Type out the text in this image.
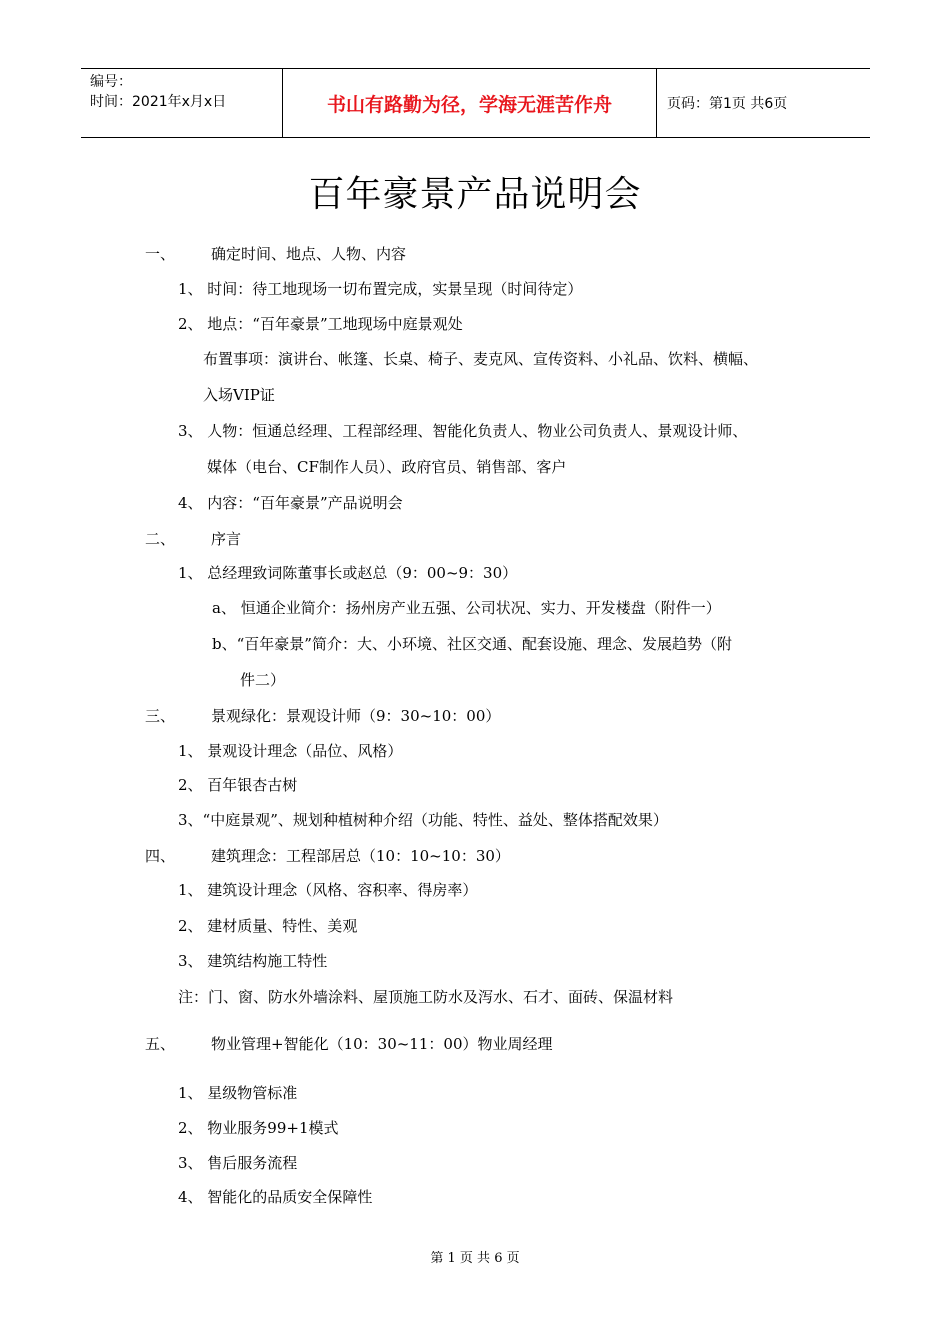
编号：
时间：2021年x月x日	书山有路勤为径，学海无涯苦作舟	页码：第1页 共6页
百年豪景产品说明会
一、 确定时间、地点、人物、内容
1、 时间：待工地现场一切布置完成，实景呈现（时间待定）
2、 地点：“百年豪景”工地现场中庭景观处
布置事项：演讲台、帐篷、长桌、椅子、麦克风、宣传资料、小礼品、饮料、横幅、
入场VIP证
3、 人物：恒通总经理、工程部经理、智能化负责人、物业公司负责人、景观设计师、
媒体（电台、CF制作人员）、政府官员、销售部、客户
4、 内容：“百年豪景”产品说明会
二、 序言
1、 总经理致词陈董事长或赵总（9：00~9：30）
a、 恒通企业简介：扬州房产业五强、公司状况、实力、开发楼盘（附件一）
b、“百年豪景”简介：大、小环境、社区交通、配套设施、理念、发展趋势（附
件二）
三、 景观绿化：景观设计师（9：30~10：00）
1、 景观设计理念（品位、风格）
2、 百年银杏古树
3、“中庭景观”、规划种植树种介绍（功能、特性、益处、整体搭配效果）
四、 建筑理念：工程部居总（10：10~10：30）
1、 建筑设计理念（风格、容积率、得房率）
2、 建材质量、特性、美观
3、 建筑结构施工特性
注：门、窗、防水外墙涂料、屋顶施工防水及泻水、石才、面砖、保温材料
五、 物业管理+智能化（10：30~11：00）物业周经理
1、 星级物管标准
2、 物业服务99+1模式
3、 售后服务流程
4、 智能化的品质安全保障性
第 1 页 共 6 页
